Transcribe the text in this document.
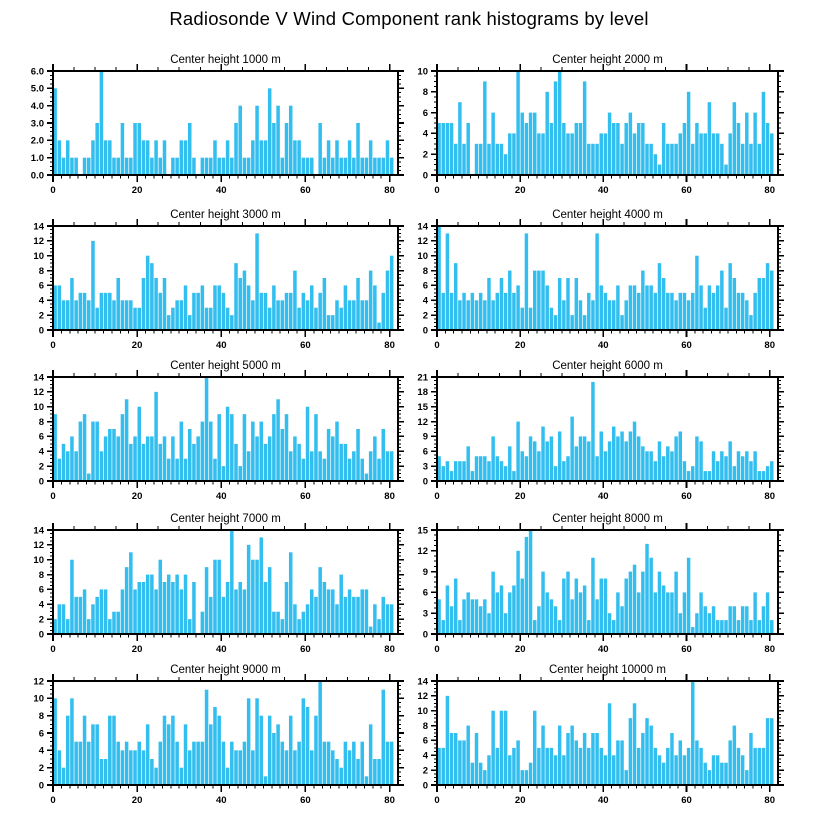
Radiosonde V Wind Component rank histograms by level
Center height 1000 m
0	20	40	60	80
0.0
1.0
2.0
3.0
4.0
5.0
6.0
Center height 2000 m
0	20	40	60	80
0
2
4
6
8
10
Center height 3000 m
0	20	40	60	80
0
2
4
6
8
10
12
14
Center height 4000 m
0	20	40	60	80
0
2
4
6
8
10
12
14
Center height 5000 m
0	20	40	60	80
0
2
4
6
8
10
12
14
Center height 6000 m
0	20	40	60	80
0
3
6
9
12
15
18
21
Center height 7000 m
0	20	40	60	80
0
2
4
6
8
10
12
14
Center height 8000 m
0	20	40	60	80
0
3
6
9
12
15
Center height 9000 m
0	20	40	60	80
0
2
4
6
8
10
12
Center height 10000 m
0	20	40	60	80
0
2
4
6
8
10
12
14
